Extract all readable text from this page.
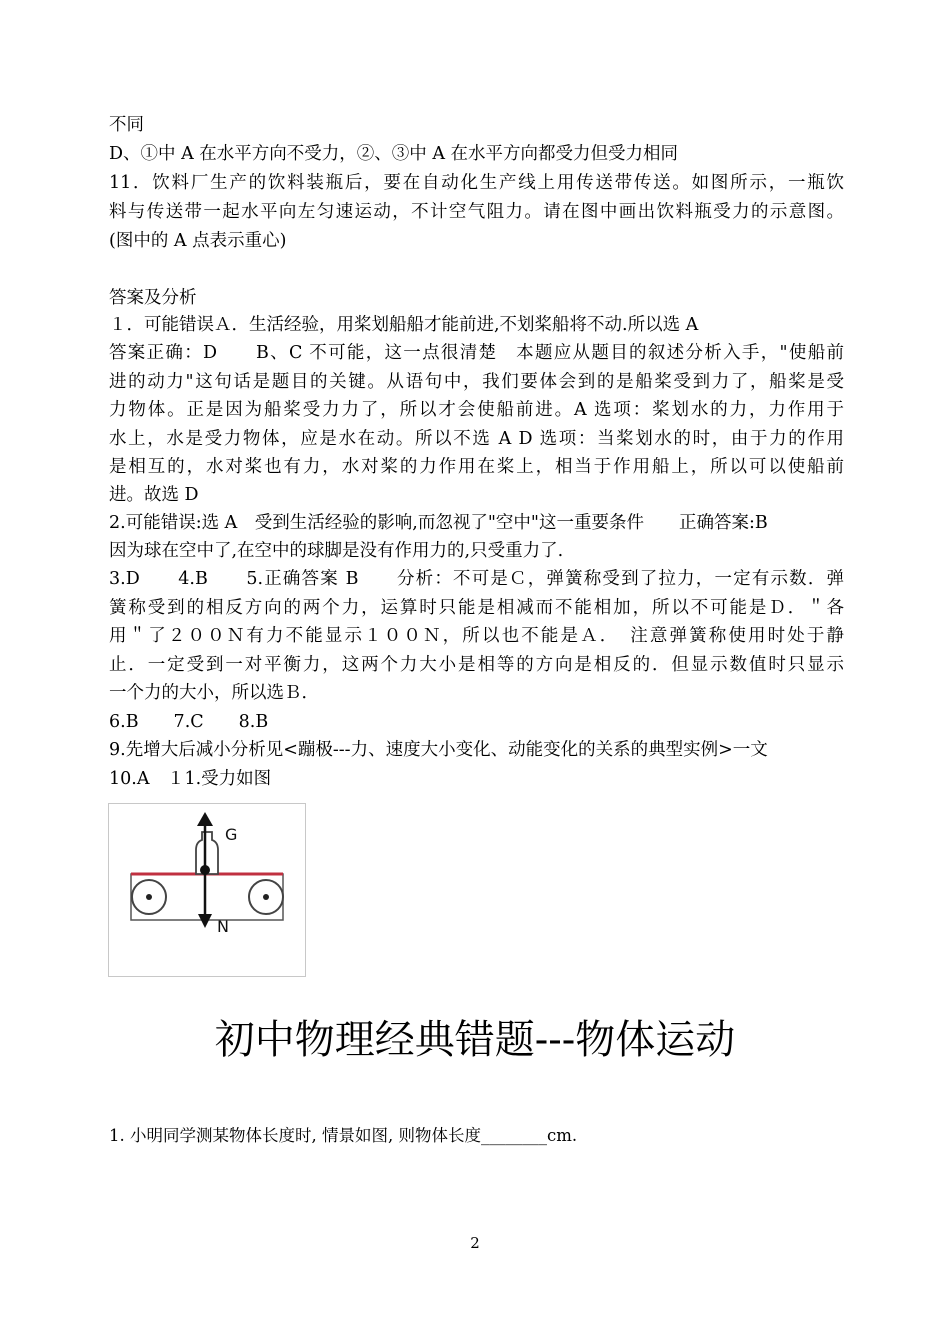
不同
D、①中 A 在水平方向不受力，②、③中 A 在水平方向都受力但受力相同
11．饮料厂生产的饮料装瓶后，要在自动化生产线上用传送带传送。如图所示，一瓶饮
料与传送带一起水平向左匀速运动，不计空气阻力。请在图中画出饮料瓶受力的示意图。
(图中的 A 点表示重心)
答案及分析
１．可能错误Ａ．生活经验，用桨划船船才能前进,不划桨船将不动.所以选 A
答案正确：D　　B、C 不可能，这一点很清楚　本题应从题目的叙述分析入手，"使船前
进的动力"这句话是题目的关键。从语句中，我们要体会到的是船桨受到力了，船桨是受
力物体。正是因为船桨受力力了，所以才会使船前进。A 选项：桨划水的力，力作用于
水上，水是受力物体，应是水在动。所以不选 A D 选项：当桨划水的时，由于力的作用
是相互的，水对桨也有力，水对桨的力作用在桨上，相当于作用船上，所以可以使船前
进。故选 D
2.可能错误:选 A　受到生活经验的影响,而忽视了"空中"这一重要条件　　正确答案:B
因为球在空中了,在空中的球脚是没有作用力的,只受重力了.
3.D　　4.B　　5.正确答案 B　　分析：不可是Ｃ，弹簧称受到了拉力，一定有示数．弹
簧称受到的相反方向的两个力，运算时只能是相减而不能相加，所以不可能是Ｄ．＂各
用＂了２００Ｎ有力不能显示１００Ｎ，所以也不能是Ａ．　注意弹簧称使用时处于静
止．一定受到一对平衡力，这两个力大小是相等的方向是相反的．但显示数值时只显示
一个力的大小，所以选Ｂ．
6.B　　7.C　　8.B
9.先增大后减小分析见<蹦极---力、速度大小变化、动能变化的关系的典型实例>一文
10.A　１1.受力如图
G
N
初中物理经典错题---物体运动
1. 小明同学测某物体长度时, 情景如图, 则物体长度________cm.
2
